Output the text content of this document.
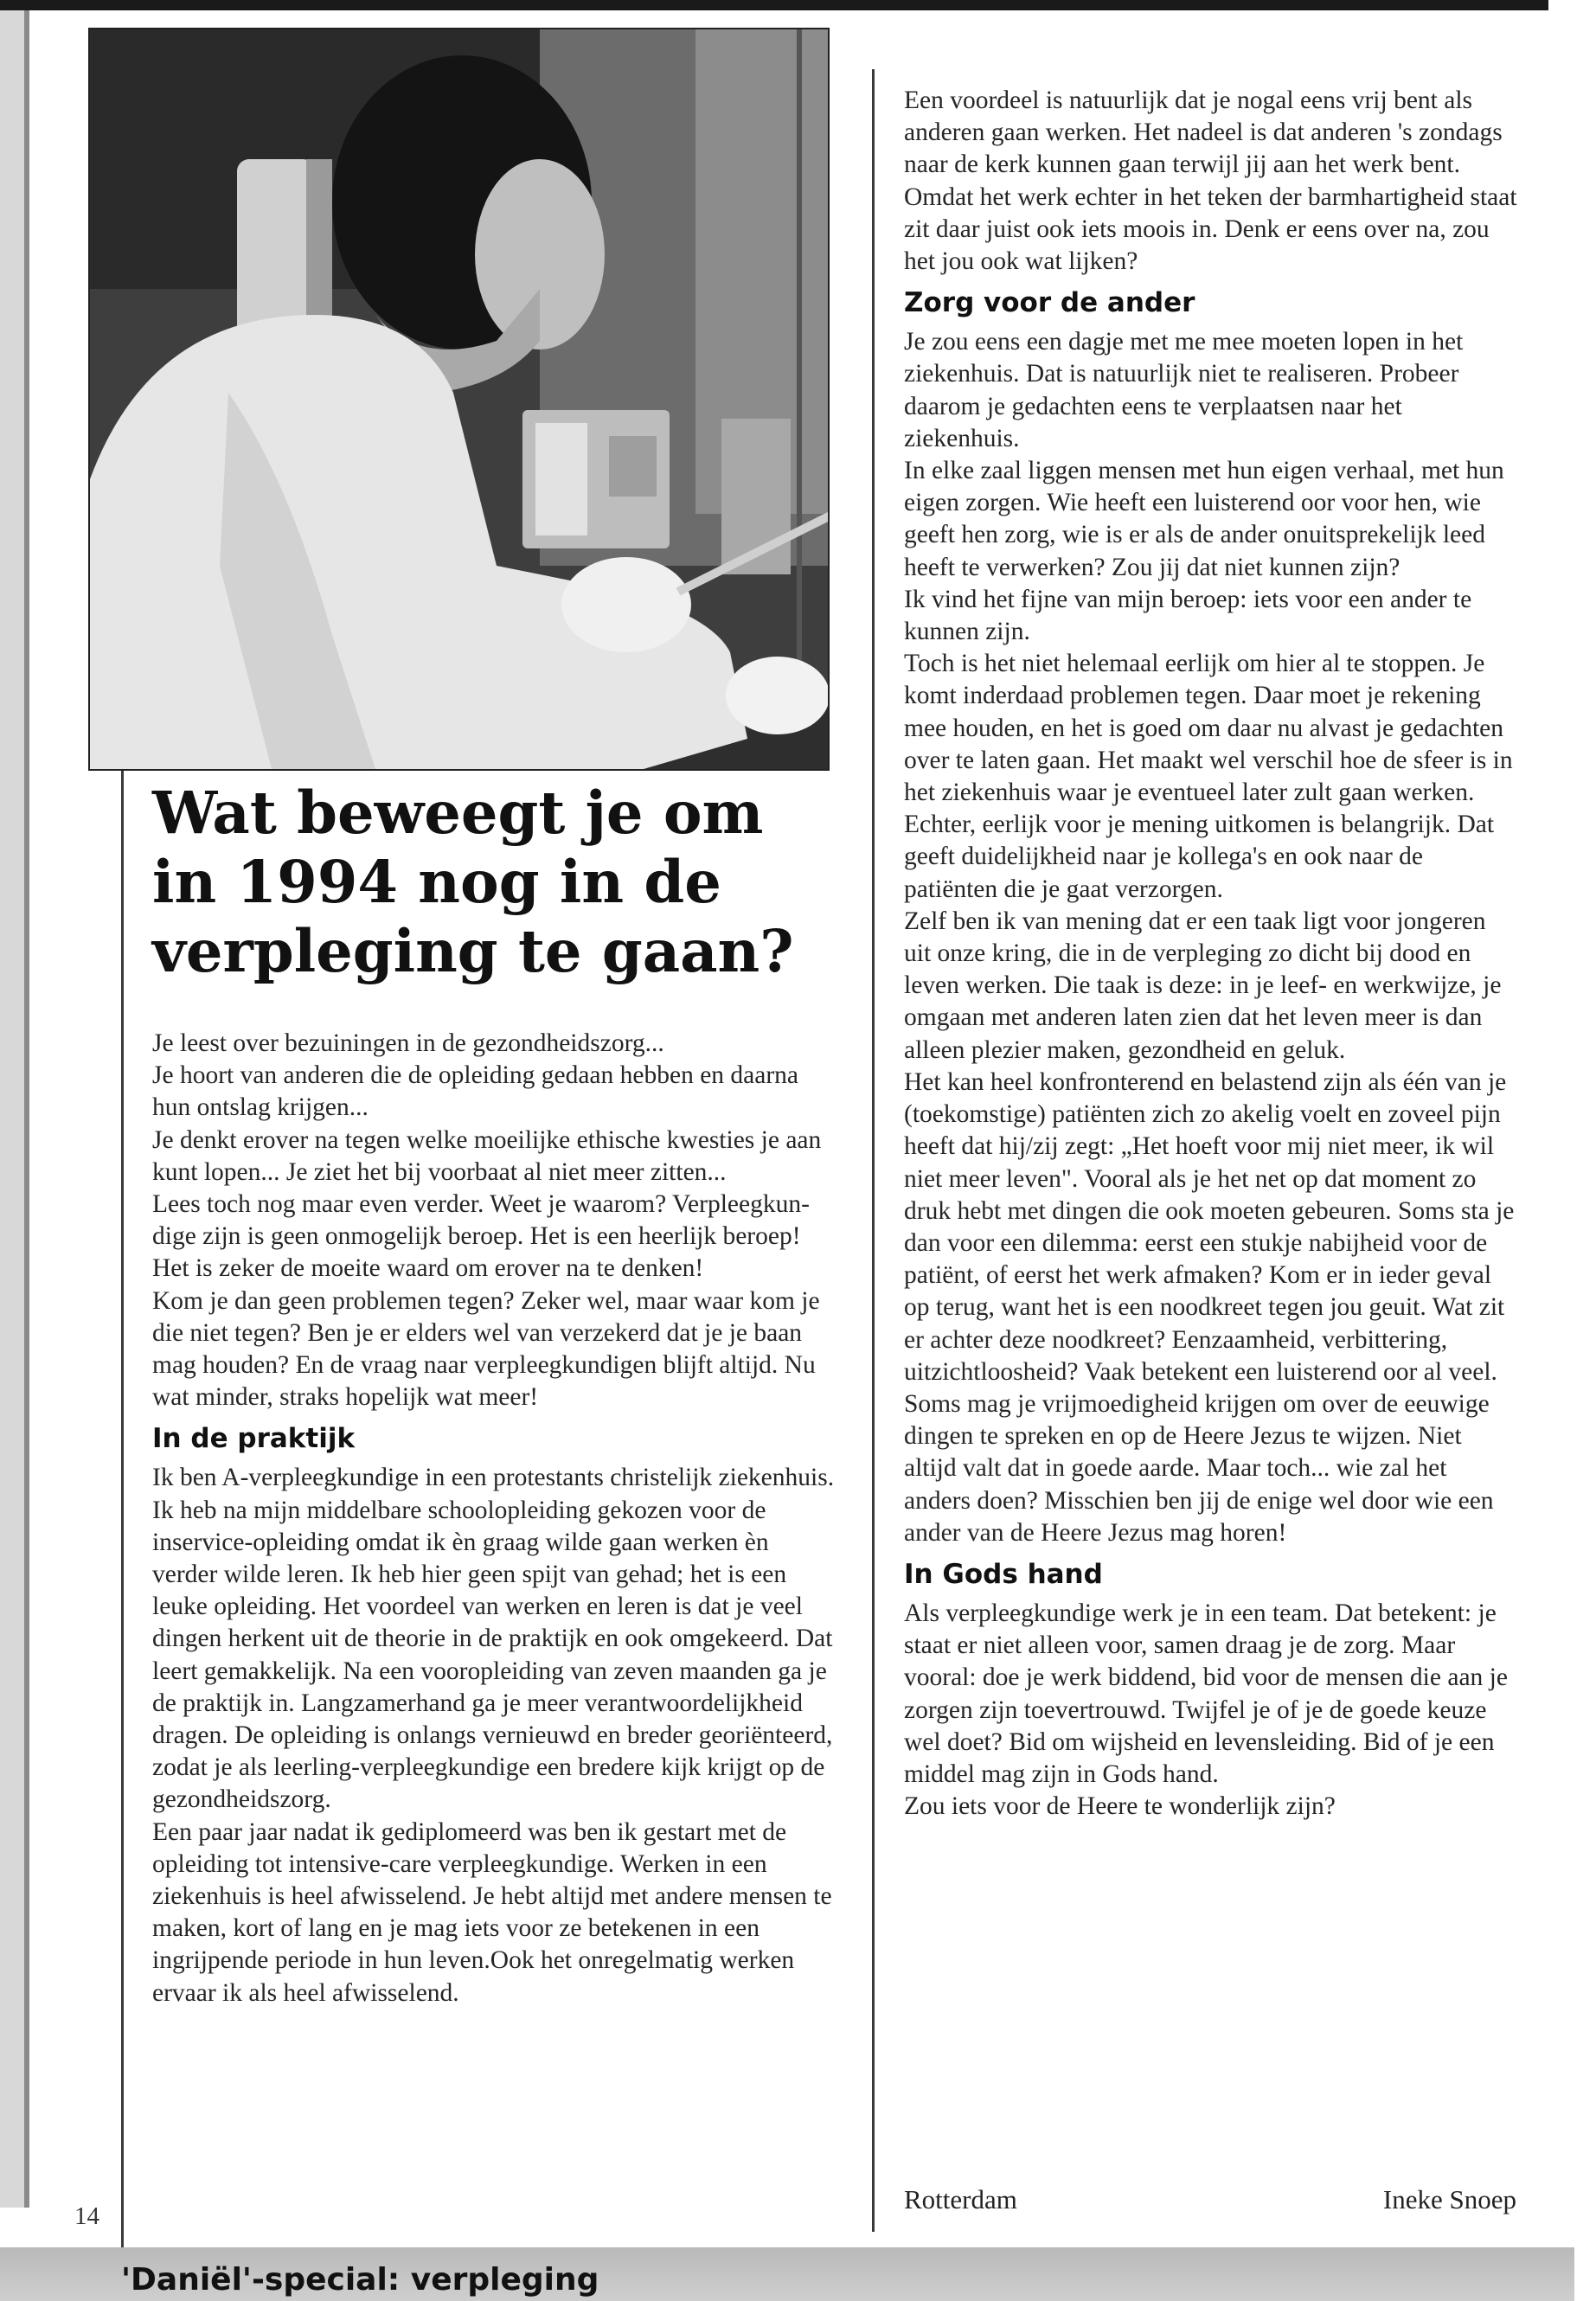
Wat beweegt je om in 1994 nog in de verpleging te gaan?

Je leest over bezuiningen in de gezondheidszorg...

Je hoort van anderen die de opleiding gedaan hebben en daarna hun ontslag krijgen...

Je denkt erover na tegen welke moeilijke ethische kwesties je aan kunt lopen... Je ziet het bij voorbaat al niet meer zitten...

Lees toch nog maar even verder. Weet je waarom? Verpleegkun-dige zijn is geen onmogelijk beroep. Het is een heerlijk beroep! Het is zeker de moeite waard om erover na te denken!

Kom je dan geen problemen tegen? Zeker wel, maar waar kom je die niet tegen? Ben je er elders wel van verzekerd dat je je baan mag houden? En de vraag naar verpleegkundigen blijft altijd. Nu wat minder, straks hopelijk wat meer!

In de praktijk

Ik ben A-verpleegkundige in een protestants christelijk ziekenhuis. Ik heb na mijn middelbare schoolopleiding gekozen voor de inservice-opleiding omdat ik èn graag wilde gaan werken èn verder wilde leren. Ik heb hier geen spijt van gehad; het is een leuke opleiding. Het voordeel van werken en leren is dat je veel dingen herkent uit de theorie in de praktijk en ook omgekeerd. Dat leert gemakkelijk. Na een vooropleiding van zeven maanden ga je de praktijk in. Langzamerhand ga je meer verantwoordelijkheid dragen. De opleiding is onlangs vernieuwd en breder georiënteerd, zodat je als leerling-verpleegkundige een bredere kijk krijgt op de gezondheidszorg.

Een paar jaar nadat ik gediplomeerd was ben ik gestart met de opleiding tot intensive-care verpleegkundige. Werken in een ziekenhuis is heel afwisselend. Je hebt altijd met andere mensen te maken, kort of lang en je mag iets voor ze betekenen in een ingrijpende periode in hun leven.Ook het onregelmatig werken ervaar ik als heel afwisselend.

Een voordeel is natuurlijk dat je nogal eens vrij bent als anderen gaan werken. Het nadeel is dat anderen 's zondags naar de kerk kunnen gaan terwijl jij aan het werk bent. Omdat het werk echter in het teken der barmhartigheid staat zit daar juist ook iets moois in. Denk er eens over na, zou het jou ook wat lijken?

Zorg voor de ander

Je zou eens een dagje met me mee moeten lopen in het ziekenhuis. Dat is natuurlijk niet te realiseren. Probeer daarom je gedachten eens te verplaatsen naar het ziekenhuis.

In elke zaal liggen mensen met hun eigen verhaal, met hun eigen zorgen. Wie heeft een luisterend oor voor hen, wie geeft hen zorg, wie is er als de ander onuitsprekelijk leed heeft te verwerken? Zou jij dat niet kunnen zijn?

Ik vind het fijne van mijn beroep: iets voor een ander te kunnen zijn.

Toch is het niet helemaal eerlijk om hier al te stoppen. Je komt inderdaad problemen tegen. Daar moet je rekening mee houden, en het is goed om daar nu alvast je gedachten over te laten gaan. Het maakt wel verschil hoe de sfeer is in het ziekenhuis waar je eventueel later zult gaan werken. Echter, eerlijk voor je mening uitkomen is belangrijk. Dat geeft duidelijkheid naar je kollega's en ook naar de patiënten die je gaat verzorgen.

Zelf ben ik van mening dat er een taak ligt voor jongeren uit onze kring, die in de verpleging zo dicht bij dood en leven werken. Die taak is deze: in je leef- en werkwijze, je omgaan met anderen laten zien dat het leven meer is dan alleen plezier maken, gezondheid en geluk.

Het kan heel konfronterend en belastend zijn als één van je (toekomstige) patiënten zich zo akelig voelt en zoveel pijn heeft dat hij/zij zegt: „Het hoeft voor mij niet meer, ik wil niet meer leven". Vooral als je het net op dat moment zo druk hebt met dingen die ook moeten gebeuren. Soms sta je dan voor een dilemma: eerst een stukje nabijheid voor de patiënt, of eerst het werk afmaken? Kom er in ieder geval op terug, want het is een noodkreet tegen jou geuit. Wat zit er achter deze noodkreet? Eenzaamheid, verbittering, uitzichtloosheid? Vaak betekent een luisterend oor al veel. Soms mag je vrijmoedigheid krijgen om over de eeuwige dingen te spreken en op de Heere Jezus te wijzen. Niet altijd valt dat in goede aarde. Maar toch... wie zal het anders doen? Misschien ben jij de enige wel door wie een ander van de Heere Jezus mag horen!

In Gods hand

Als verpleegkundige werk je in een team. Dat betekent: je staat er niet alleen voor, samen draag je de zorg. Maar vooral: doe je werk biddend, bid voor de mensen die aan je zorgen zijn toevertrouwd. Twijfel je of je de goede keuze wel doet? Bid om wijsheid en levensleiding. Bid of je een middel mag zijn in Gods hand.

Zou iets voor de Heere te wonderlijk zijn?

Rotterdam	Ineke Snoep
14
'Daniël'-special: verpleging
